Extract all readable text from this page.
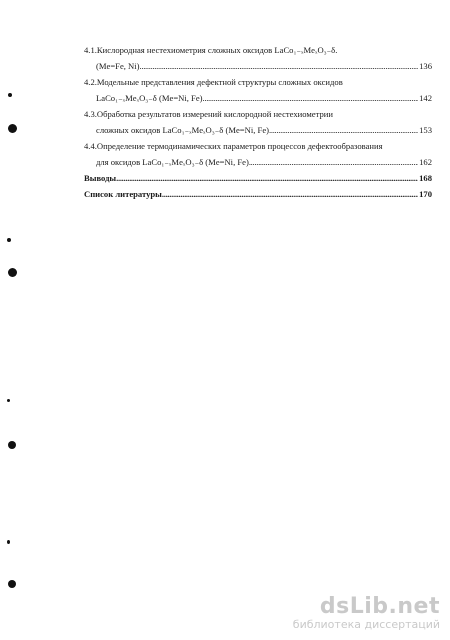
4.1.Кислородная нестехиометрия сложных оксидов LaCo₁₋ₓMeₓO₃₋δ.
(Me=Fe, Ni) .....	136
4.2.Модельные представления дефектной структуры сложных оксидов
LaCo₁₋ₓMeₓO₃₋δ (Me=Ni, Fe) .....	142
4.3.Обработка результатов измерений кислородной нестехиометрии
сложных оксидов LaCo₁₋ₓMeₓO₃₋δ (Me=Ni, Fe) .....	153
4.4.Определение термодинамических параметров процессов дефектообразования
для оксидов LaCo₁₋ₓMeₓO₃₋δ (Me=Ni, Fe) .....	162
Выводы .....	168
Список литературы .....	170
dsLib.net
библиотека диссертаций
